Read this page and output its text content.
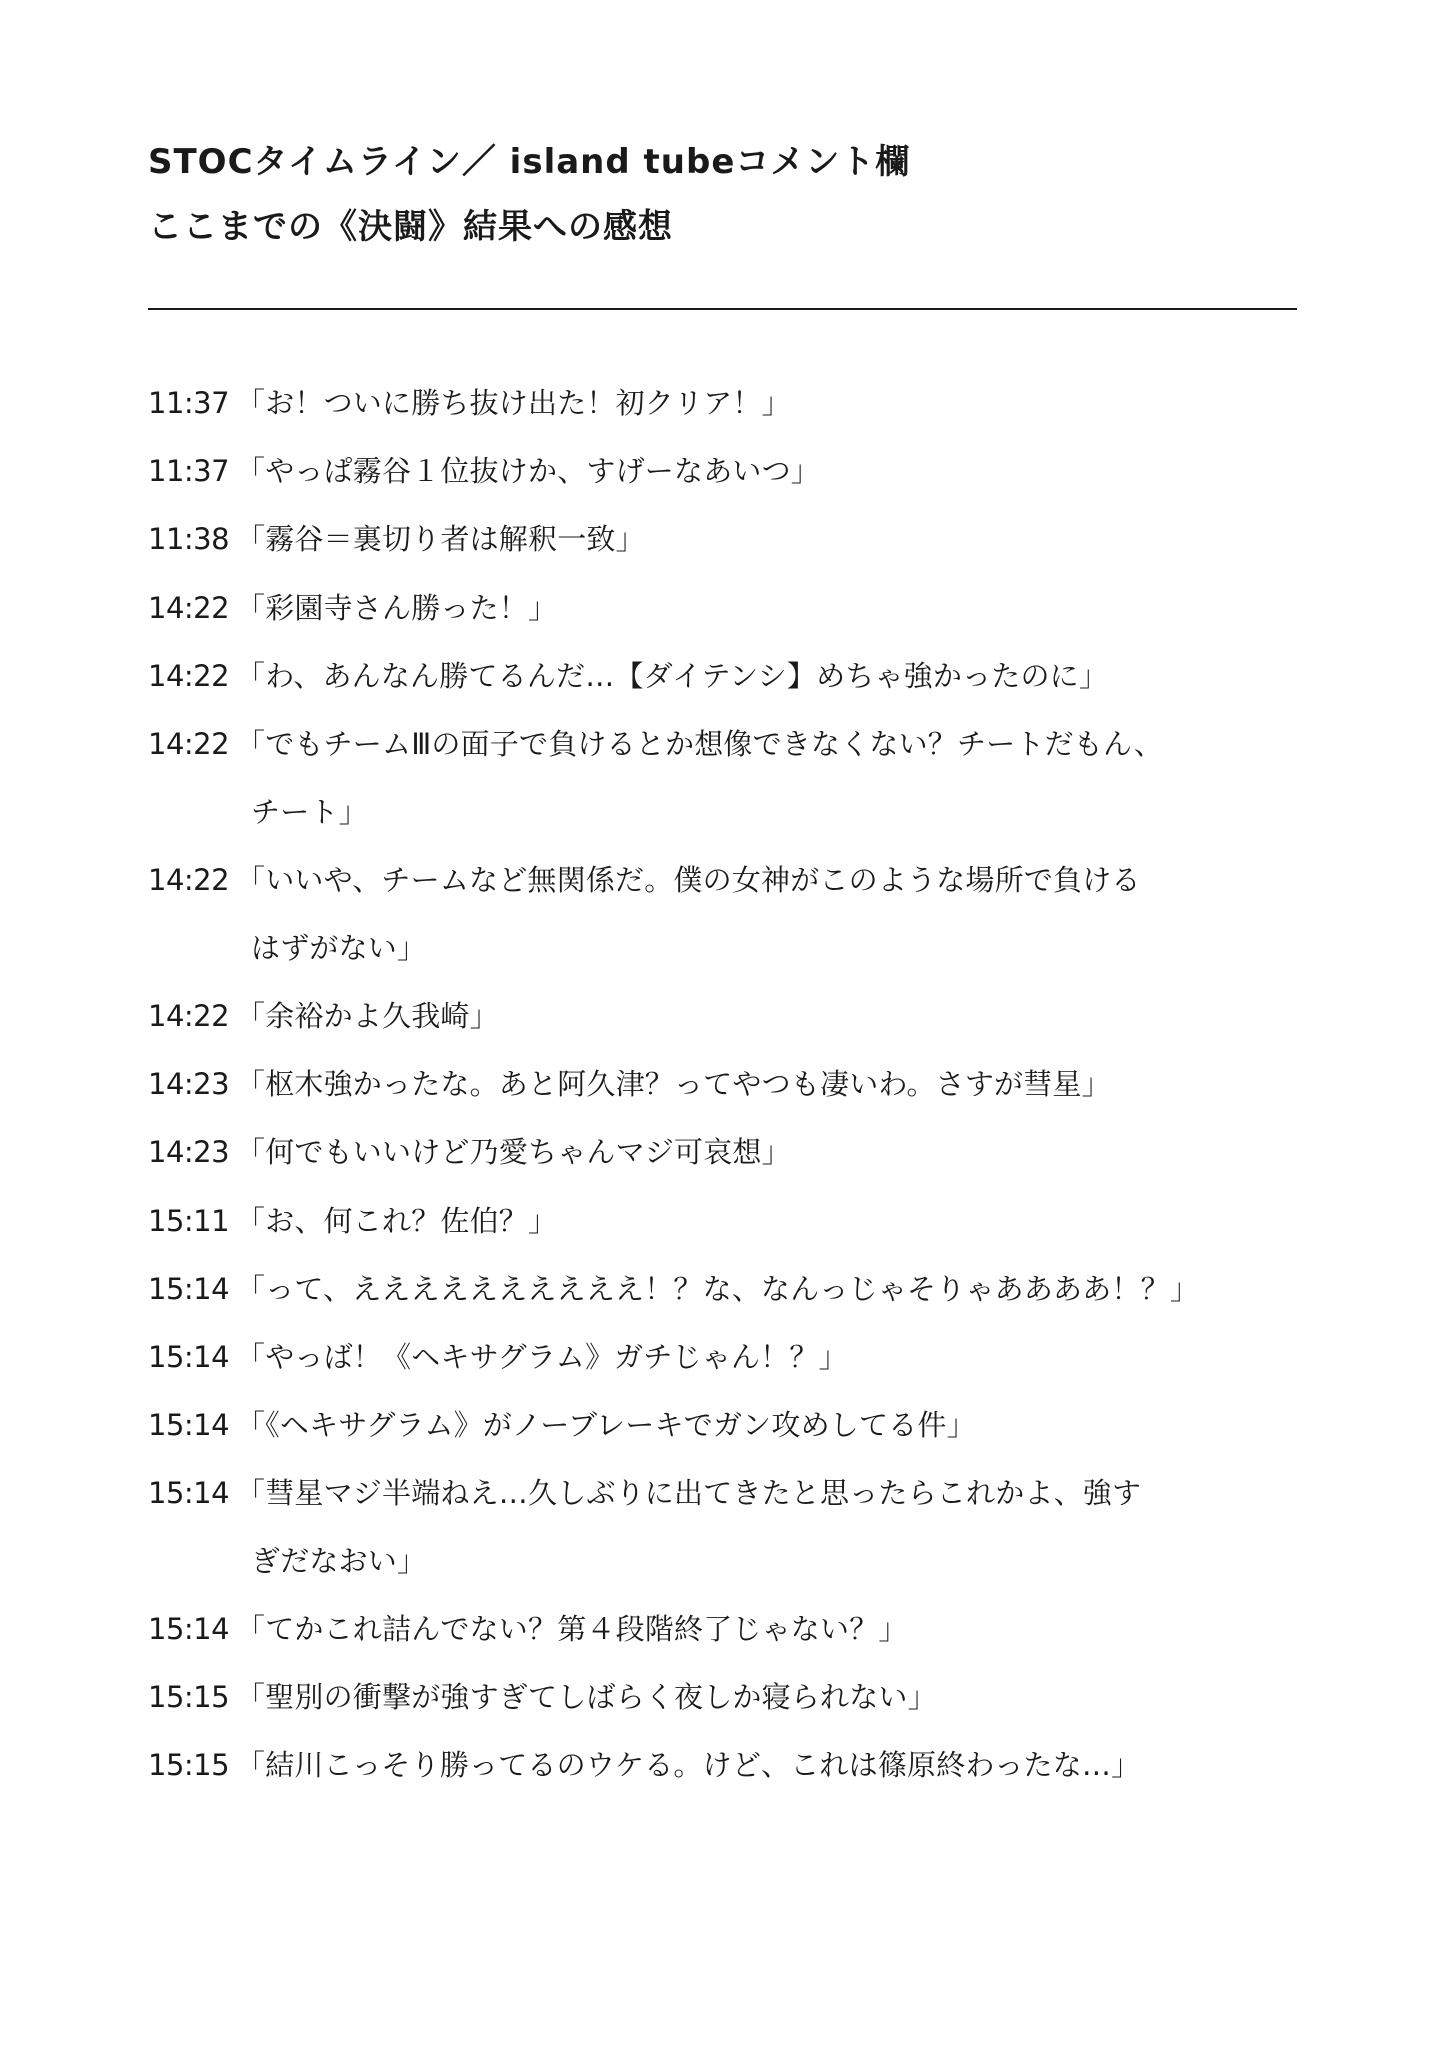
STOCタイムライン／ island tubeコメント欄
ここまでの《決闘》結果への感想
11:37 「お！ついに勝ち抜け出た！初クリア！」
11:37 「やっぱ霧谷１位抜けか、すげーなあいつ」
11:38 「霧谷＝裏切り者は解釈一致」
14:22 「彩園寺さん勝った！」
14:22 「わ、あんなん勝てるんだ…【ダイテンシ】めちゃ強かったのに」
14:22 「でもチームⅢの面子で負けるとか想像できなくない？チートだもん、
チート」
14:22 「いいや、チームなど無関係だ。僕の女神がこのような場所で負ける
はずがない」
14:22 「余裕かよ久我崎」
14:23 「枢木強かったな。あと阿久津？ってやつも凄いわ。さすが彗星」
14:23 「何でもいいけど乃愛ちゃんマジ可哀想」
15:11 「お、何これ？佐伯？」
15:14 「って、ええええええええええ！？な、なんっじゃそりゃああああ！？」
15:14 「やっば！《ヘキサグラム》ガチじゃん！？」
15:14 「《ヘキサグラム》がノーブレーキでガン攻めしてる件」
15:14 「彗星マジ半端ねえ…久しぶりに出てきたと思ったらこれかよ、強す
ぎだなおい」
15:14 「てかこれ詰んでない？第４段階終了じゃない？」
15:15 「聖別の衝撃が強すぎてしばらく夜しか寝られない」
15:15 「結川こっそり勝ってるのウケる。けど、これは篠原終わったな…」
